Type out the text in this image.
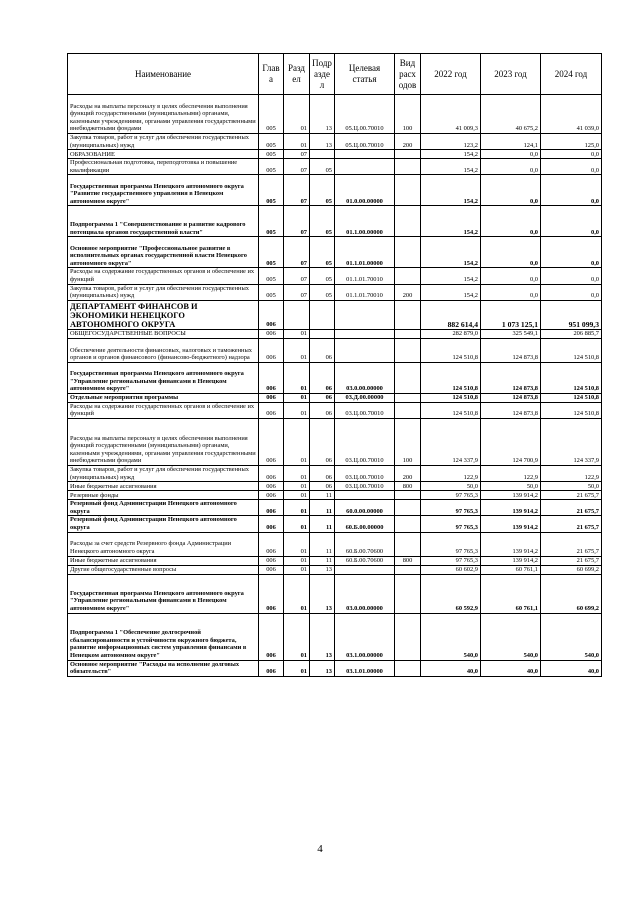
Наименование	Глав а	Разд ел	Подр азде л	Целевая статья	Вид расх одов	2022 год	2023 год	2024 год
Расходы на выплаты персоналу в целях обеспечения выполнения функций государственными (муниципальными) органами, казенными учреждениями, органами управления государственными внебюджетными фондами	005	01	13	05.Ц.00.70010	100	41 009,3	40 675,2	41 039,0
Закупка товаров, работ и услуг для обеспечения государственных (муниципальных) нужд	005	01	13	05.Ц.00.70010	200	123,2	124,1	125,0
ОБРАЗОВАНИЕ	005	07				154,2	0,0	0,0
Профессиональная подготовка, переподготовка и повышение квалификации	005	07	05			154,2	0,0	0,0
Государственная программа Ненецкого автономного округа "Развитие государственного управления в Ненецком автономном округе"	005	07	05	01.0.00.00000		154,2	0,0	0,0
Подпрограмма 1 "Совершенствование и развитие кадрового потенциала органов государственной власти"	005	07	05	01.1.00.00000		154,2	0,0	0,0
Основное мероприятие "Профессиональное развитие в исполнительных органах государственной власти Ненецкого автономного округа"	005	07	05	01.1.01.00000		154,2	0,0	0,0
Расходы на содержание государственных органов и обеспечение их функций	005	07	05	01.1.01.70010		154,2	0,0	0,0
Закупка товаров, работ и услуг для обеспечения государственных (муниципальных) нужд	005	07	05	01.1.01.70010	200	154,2	0,0	0,0
ДЕПАРТАМЕНТ ФИНАНСОВ И ЭКОНОМИКИ НЕНЕЦКОГО АВТОНОМНОГО ОКРУГА	006					882 614,4	1 073 125,1	951 099,3
ОБЩЕГОСУДАРСТВЕННЫЕ ВОПРОСЫ	006	01				282 879,0	325 549,1	206 885,7
Обеспечение деятельности финансовых, налоговых и таможенных органов и органов финансового (финансово-бюджетного) надзора	006	01	06			124 510,8	124 873,8	124 510,8
Государственная программа Ненецкого автономного округа "Управление региональными финансами в Ненецком автономном округе"	006	01	06	03.0.00.00000		124 510,8	124 873,8	124 510,8
Отдельные мероприятия программы	006	01	06	03.Д.00.00000		124 510,8	124 873,8	124 510,8
Расходы на содержание государственных органов и обеспечение их функций	006	01	06	03.Ц.00.70010		124 510,8	124 873,8	124 510,8
Расходы на выплаты персоналу в целях обеспечения выполнения функций государственными (муниципальными) органами, казенными учреждениями, органами управления государственными внебюджетными фондами	006	01	06	03.Ц.00.70010	100	124 337,9	124 700,9	124 337,9
Закупка товаров, работ и услуг для обеспечения государственных (муниципальных) нужд	006	01	06	03.Ц.00.70010	200	122,9	122,9	122,9
Иные бюджетные ассигнования	006	01	06	03.Ц.00.70010	800	50,0	50,0	50,0
Резервные фонды	006	01	11			97 765,3	139 914,2	21 675,7
Резервный фонд Администрации Ненецкого автономного округа	006	01	11	60.0.00.00000		97 765,3	139 914,2	21 675,7
Резервный фонд Администрации Ненецкого автономного округа	006	01	11	60.Б.00.00000		97 765,3	139 914,2	21 675,7
Расходы за счет средств Резервного фонда Администрации Ненецкого автономного округа	006	01	11	60.Б.00.70600		97 765,3	139 914,2	21 675,7
Иные бюджетные ассигнования	006	01	11	60.Б.00.70600	800	97 765,3	139 914,2	21 675,7
Другие общегосударственные вопросы	006	01	13			60 602,9	60 761,1	60 699,2
Государственная программа Ненецкого автономного округа "Управление региональными финансами в Ненецком автономном округе"	006	01	13	03.0.00.00000		60 592,9	60 761,1	60 699,2
Подпрограмма 1 "Обеспечение долгосрочной сбалансированности и устойчивости окружного бюджета, развитие информационных систем управления финансами в Ненецком автономном округе"	006	01	13	03.1.00.00000		540,0	540,0	540,0
Основное мероприятие "Расходы на исполнение долговых обязательств"	006	01	13	03.1.01.00000		40,0	40,0	40,0
4
